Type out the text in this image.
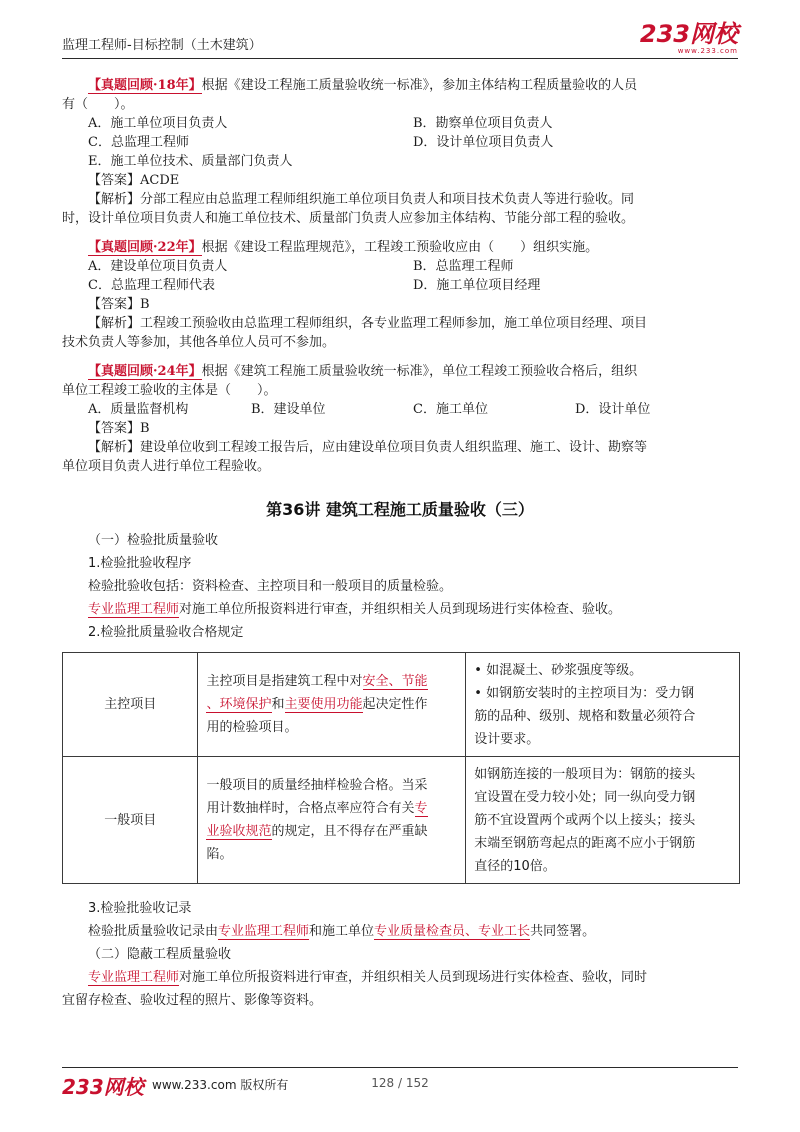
监理工程师-目标控制（土木建筑）	233网校
www.233.com
【真题回顾·18年】根据《建设工程施工质量验收统一标准》，参加主体结构工程质量验收的人员
有（　　）。
A．施工单位项目负责人	B．勘察单位项目负责人
C．总监理工程师	D．设计单位项目负责人
E．施工单位技术、质量部门负责人
【答案】ACDE
【解析】分部工程应由总监理工程师组织施工单位项目负责人和项目技术负责人等进行验收。同
时，设计单位项目负责人和施工单位技术、质量部门负责人应参加主体结构、节能分部工程的验收。
【真题回顾·22年】根据《建设工程监理规范》，工程竣工预验收应由（　　）组织实施。
A．建设单位项目负责人	B．总监理工程师
C．总监理工程师代表	D．施工单位项目经理
【答案】B
【解析】工程竣工预验收由总监理工程师组织，各专业监理工程师参加，施工单位项目经理、项目
技术负责人等参加，其他各单位人员可不参加。
【真题回顾·24年】根据《建筑工程施工质量验收统一标准》，单位工程竣工预验收合格后，组织
单位工程竣工验收的主体是（　　）。
A．质量监督机构	B．建设单位	C．施工单位	D．设计单位
【答案】B
【解析】建设单位收到工程竣工报告后，应由建设单位项目负责人组织监理、施工、设计、勘察等
单位项目负责人进行单位工程验收。
第36讲 建筑工程施工质量验收（三）
（一）检验批质量验收
1.检验批验收程序
检验批验收包括：资料检查、主控项目和一般项目的质量检验。
专业监理工程师对施工单位所报资料进行审查，并组织相关人员到现场进行实体检查、验收。
2.检验批质量验收合格规定
主控项目	主控项目是指建筑工程中对安全、节能
、环境保护和主要使用功能起决定性作
用的检验项目。	• 如混凝土、砂浆强度等级。
• 如钢筋安装时的主控项目为：受力钢
筋的品种、级别、规格和数量必须符合
设计要求。
一般项目	一般项目的质量经抽样检验合格。当采
用计数抽样时，合格点率应符合有关专
业验收规范的规定，且不得存在严重缺
陷。	如钢筋连接的一般项目为：钢筋的接头
宜设置在受力较小处；同一纵向受力钢
筋不宜设置两个或两个以上接头；接头
末端至钢筋弯起点的距离不应小于钢筋
直径的10倍。
3.检验批验收记录
检验批质量验收记录由专业监理工程师和施工单位专业质量检查员、专业工长共同签署。
（二）隐蔽工程质量验收
专业监理工程师对施工单位所报资料进行审查，并组织相关人员到现场进行实体检查、验收，同时
宜留存检查、验收过程的照片、影像等资料。
233网校 www.233.com 版权所有	128 / 152
